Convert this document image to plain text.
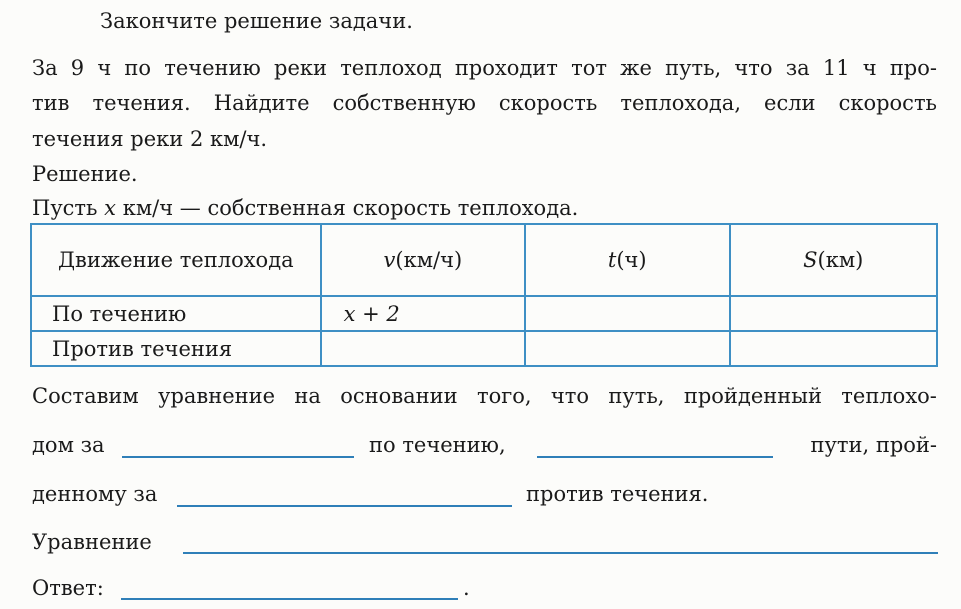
Закончите решение задачи.
За 9 ч по течению реки теплоход проходит тот же путь, что за 11 ч про-
тив течения. Найдите собственную скорость теплохода, если скорость
течения реки 2 км/ч.
Решение.
Пусть x км/ч — собственная скорость теплохода.
Движение теплохода	v(км/ч)	t(ч)	S(км)
По течению	x + 2		
Против течения			
Составим уравнение на основании того, что путь, пройденный теплохо-
дом за	по течению,	пути, прой-
денному за	против течения.
Уравнение
Ответ:	.
